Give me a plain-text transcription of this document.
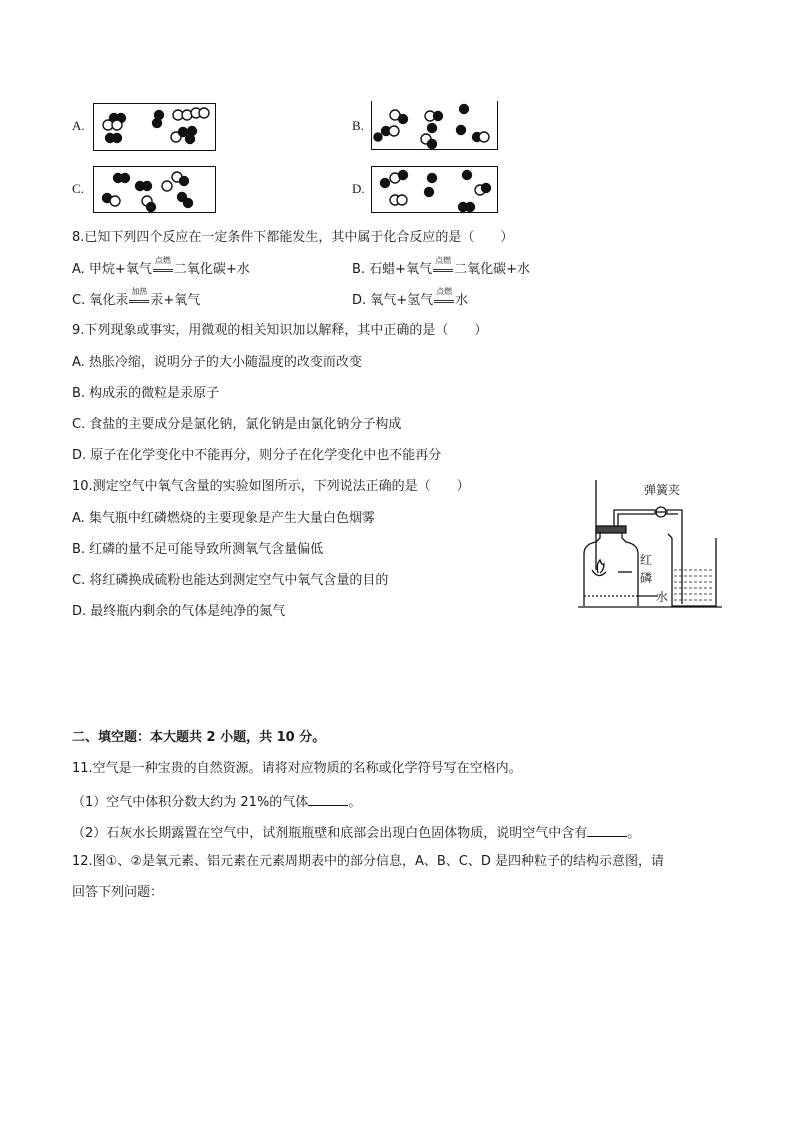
A.	B.
C.	D.
8.已知下列四个反应在一定条件下都能发生，其中属于化合反应的是（　　）
A. 甲烷+氧气
点燃
二氧化碳+水	B. 石蜡+氧气
点燃
二氧化碳+水
C. 氧化汞
加热
汞+氧气	D. 氧气+氢气
点燃
水
9.下列现象或事实，用微观的相关知识加以解释，其中正确的是（　　）
A. 热胀冷缩，说明分子的大小随温度的改变而改变
B. 构成汞的微粒是汞原子
C. 食盐的主要成分是氯化钠，氯化钠是由氯化钠分子构成
D. 原子在化学变化中不能再分，则分子在化学变化中也不能再分
10.测定空气中氧气含量的实验如图所示，下列说法正确的是（　　）
A. 集气瓶中红磷燃烧的主要现象是产生大量白色烟雾
B. 红磷的量不足可能导致所测氧气含量偏低
C. 将红磷换成硫粉也能达到测定空气中氧气含量的目的
D. 最终瓶内剩余的气体是纯净的氮气
弹簧夹
红
磷
水
二、填空题：本大题共 2 小题，共 10 分。
11.空气是一种宝贵的自然资源。请将对应物质的名称或化学符号写在空格内。
（1）空气中体积分数大约为 21%的气体	。
（2）石灰水长期露置在空气中，试剂瓶瓶壁和底部会出现白色固体物质，说明空气中含有	。
12.图①、②是氧元素、铝元素在元素周期表中的部分信息，A、B、C、D 是四种粒子的结构示意图，请
回答下列问题：
